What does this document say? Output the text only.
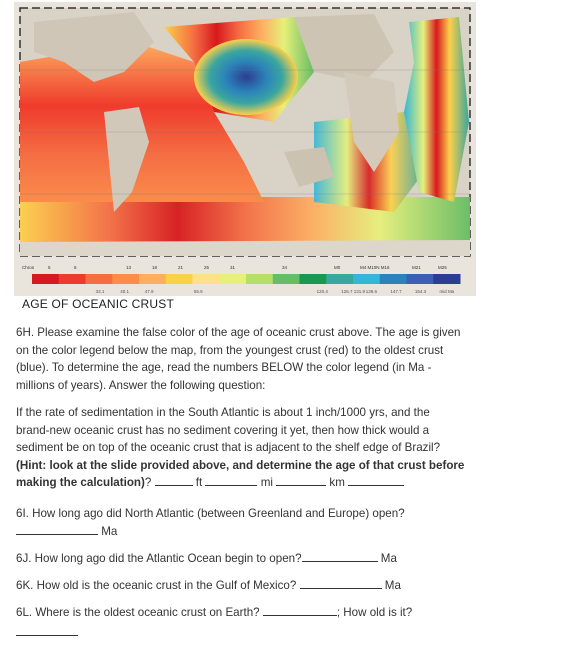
Chron	5	6	13	18	21	25	31	34	M0	M4 M10N M16	M21	M25
33.1	40.1	47.9	55.9	120.4	126.7 131.9 139.6	147.7	154.3	mid Ma
AGE OF OCEANIC CRUST

6H. Please examine the false color of the age of oceanic crust above. The age is given on the color legend below the map, from the youngest crust (red) to the oldest crust (blue). To determine the age, read the numbers BELOW the color legend (in Ma - millions of years). Answer the following question:

If the rate of sedimentation in the South Atlantic is about 1 inch/1000 yrs, and the brand-new oceanic crust has no sediment covering it yet, then how thick would a sediment be on top of the oceanic crust that is adjacent to the shelf edge of Brazil? (Hint: look at the slide provided above, and determine the age of that crust before making the calculation)?	ft	mi	km

6I. How long ago did North Atlantic (between Greenland and Europe) open?
Ma

6J. How long ago did the Atlantic Ocean begin to open?	Ma

6K. How old is the oceanic crust in the Gulf of Mexico?	Ma

6L. Where is the oldest oceanic crust on Earth?	; How old is it?
